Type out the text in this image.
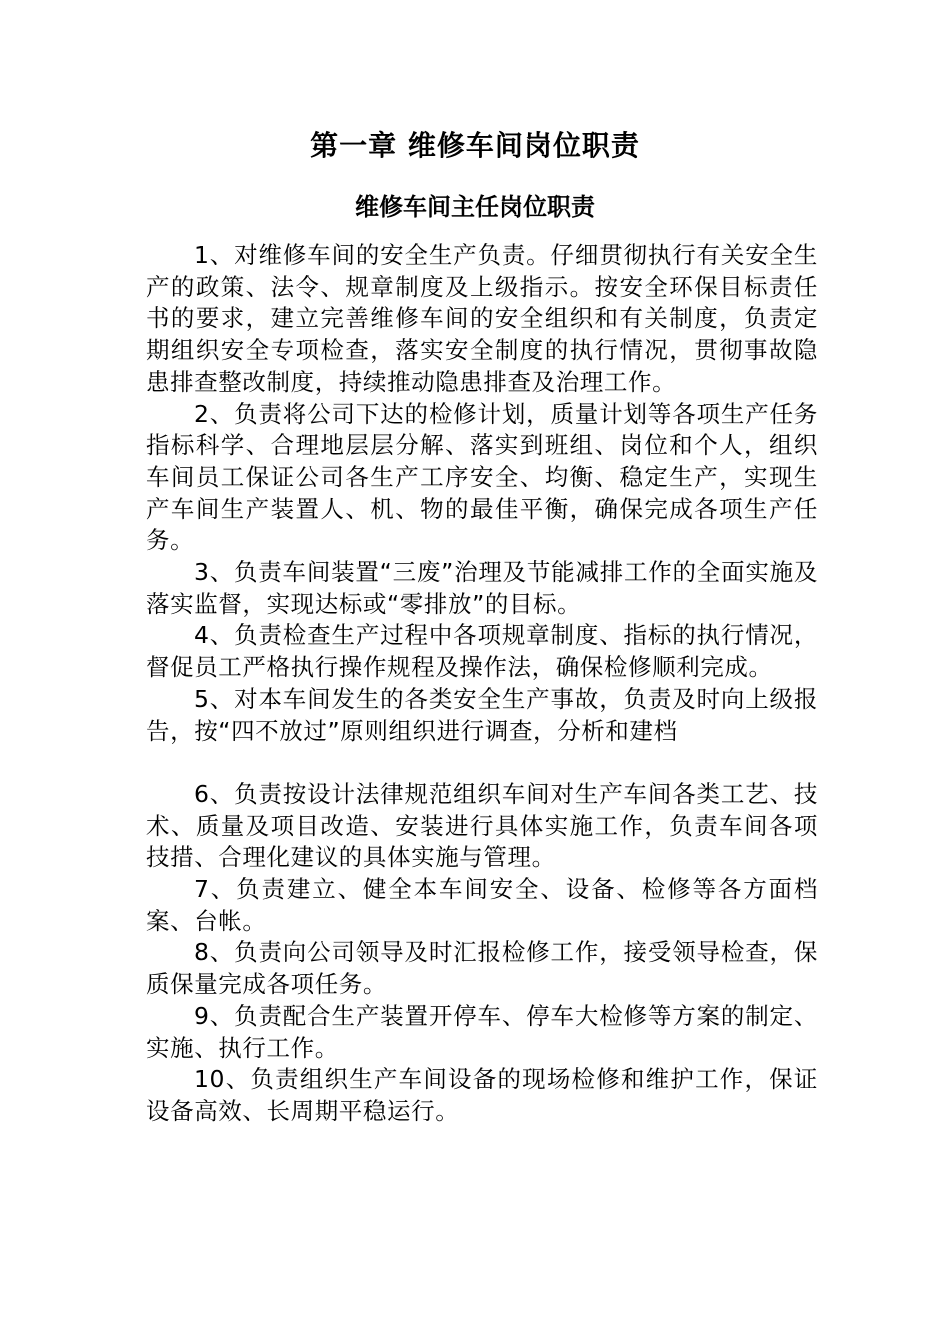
第一章 维修车间岗位职责
维修车间主任岗位职责

1、对维修车间的安全生产负责。仔细贯彻执行有关安全生产的政策、法令、规章制度及上级指示。按安全环保目标责任书的要求，建立完善维修车间的安全组织和有关制度，负责定期组织安全专项检查，落实安全制度的执行情况，贯彻事故隐患排查整改制度，持续推动隐患排查及治理工作。

2、负责将公司下达的检修计划，质量计划等各项生产任务指标科学、合理地层层分解、落实到班组、岗位和个人，组织车间员工保证公司各生产工序安全、均衡、稳定生产，实现生产车间生产装置人、机、物的最佳平衡，确保完成各项生产任务。

3、负责车间装置“三废”治理及节能减排工作的全面实施及落实监督，实现达标或“零排放”的目标。

4、负责检查生产过程中各项规章制度、指标的执行情况，督促员工严格执行操作规程及操作法，确保检修顺利完成。

5、对本车间发生的各类安全生产事故，负责及时向上级报告，按“四不放过”原则组织进行调查，分析和建档

6、负责按设计法律规范组织车间对生产车间各类工艺、技术、质量及项目改造、安装进行具体实施工作，负责车间各项技措、合理化建议的具体实施与管理。

7、负责建立、健全本车间安全、设备、检修等各方面档案、台帐。

8、负责向公司领导及时汇报检修工作，接受领导检查，保质保量完成各项任务。

9、负责配合生产装置开停车、停车大检修等方案的制定、实施、执行工作。

10、负责组织生产车间设备的现场检修和维护工作，保证设备高效、长周期平稳运行。
